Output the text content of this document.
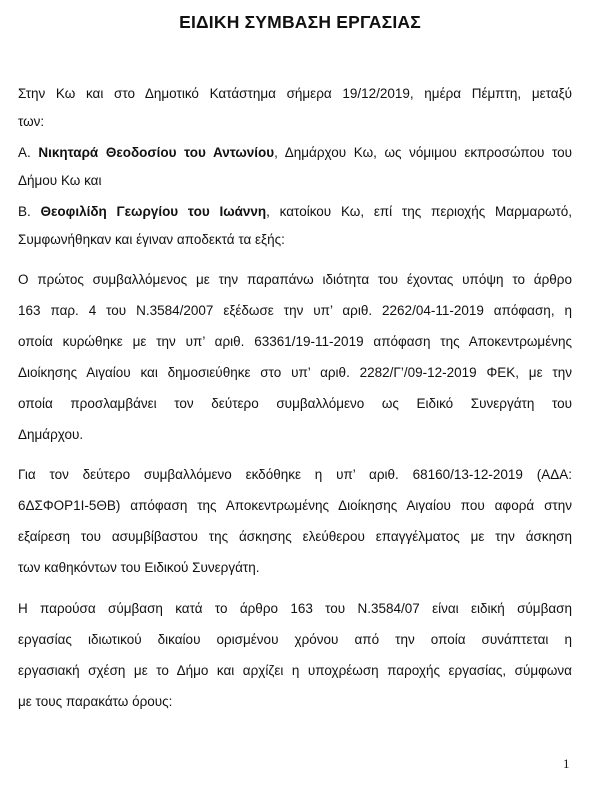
ΕΙΔΙΚΗ ΣΥΜΒΑΣΗ ΕΡΓΑΣΙΑΣ
Στην Κω και στο Δημοτικό Κατάστημα σήμερα 19/12/2019, ημέρα Πέμπτη, μεταξύ
των:
Α. Νικηταρά Θεοδοσίου του Αντωνίου, Δημάρχου Κω, ως νόμιμου εκπροσώπου του
Δήμου Κω και
Β. Θεοφιλίδη Γεωργίου του Ιωάννη, κατοίκου Κω, επί της περιοχής Μαρμαρωτό,
Συμφωνήθηκαν και έγιναν αποδεκτά τα εξής:
Ο πρώτος συμβαλλόμενος με την παραπάνω ιδιότητα του έχοντας υπόψη το άρθρο
163 παρ. 4 του Ν.3584/2007 εξέδωσε την υπ’ αριθ. 2262/04-11-2019 απόφαση, η
οποία κυρώθηκε με την υπ’ αριθ. 63361/19-11-2019 απόφαση της Αποκεντρωμένης
Διοίκησης Αιγαίου και δημοσιεύθηκε στο υπ’ αριθ. 2282/Γ’/09-12-2019 ΦΕΚ, με την
οποία προσλαμβάνει τον δεύτερο συμβαλλόμενο ως Ειδικό Συνεργάτη του
Δημάρχου.
Για τον δεύτερο συμβαλλόμενο εκδόθηκε η υπ’ αριθ. 68160/13-12-2019 (ΑΔΑ:
6ΔΣΦΟΡ1Ι-5ΘΒ) απόφαση της Αποκεντρωμένης Διοίκησης Αιγαίου που αφορά στην
εξαίρεση του ασυμβίβαστου της άσκησης ελεύθερου επαγγέλματος με την άσκηση
των καθηκόντων του Ειδικού Συνεργάτη.
Η παρούσα σύμβαση κατά το άρθρο 163 του Ν.3584/07 είναι ειδική σύμβαση
εργασίας ιδιωτικού δικαίου ορισμένου χρόνου από την οποία συνάπτεται η
εργασιακή σχέση με το Δήμο και αρχίζει η υποχρέωση παροχής εργασίας, σύμφωνα
με τους παρακάτω όρους:
1
